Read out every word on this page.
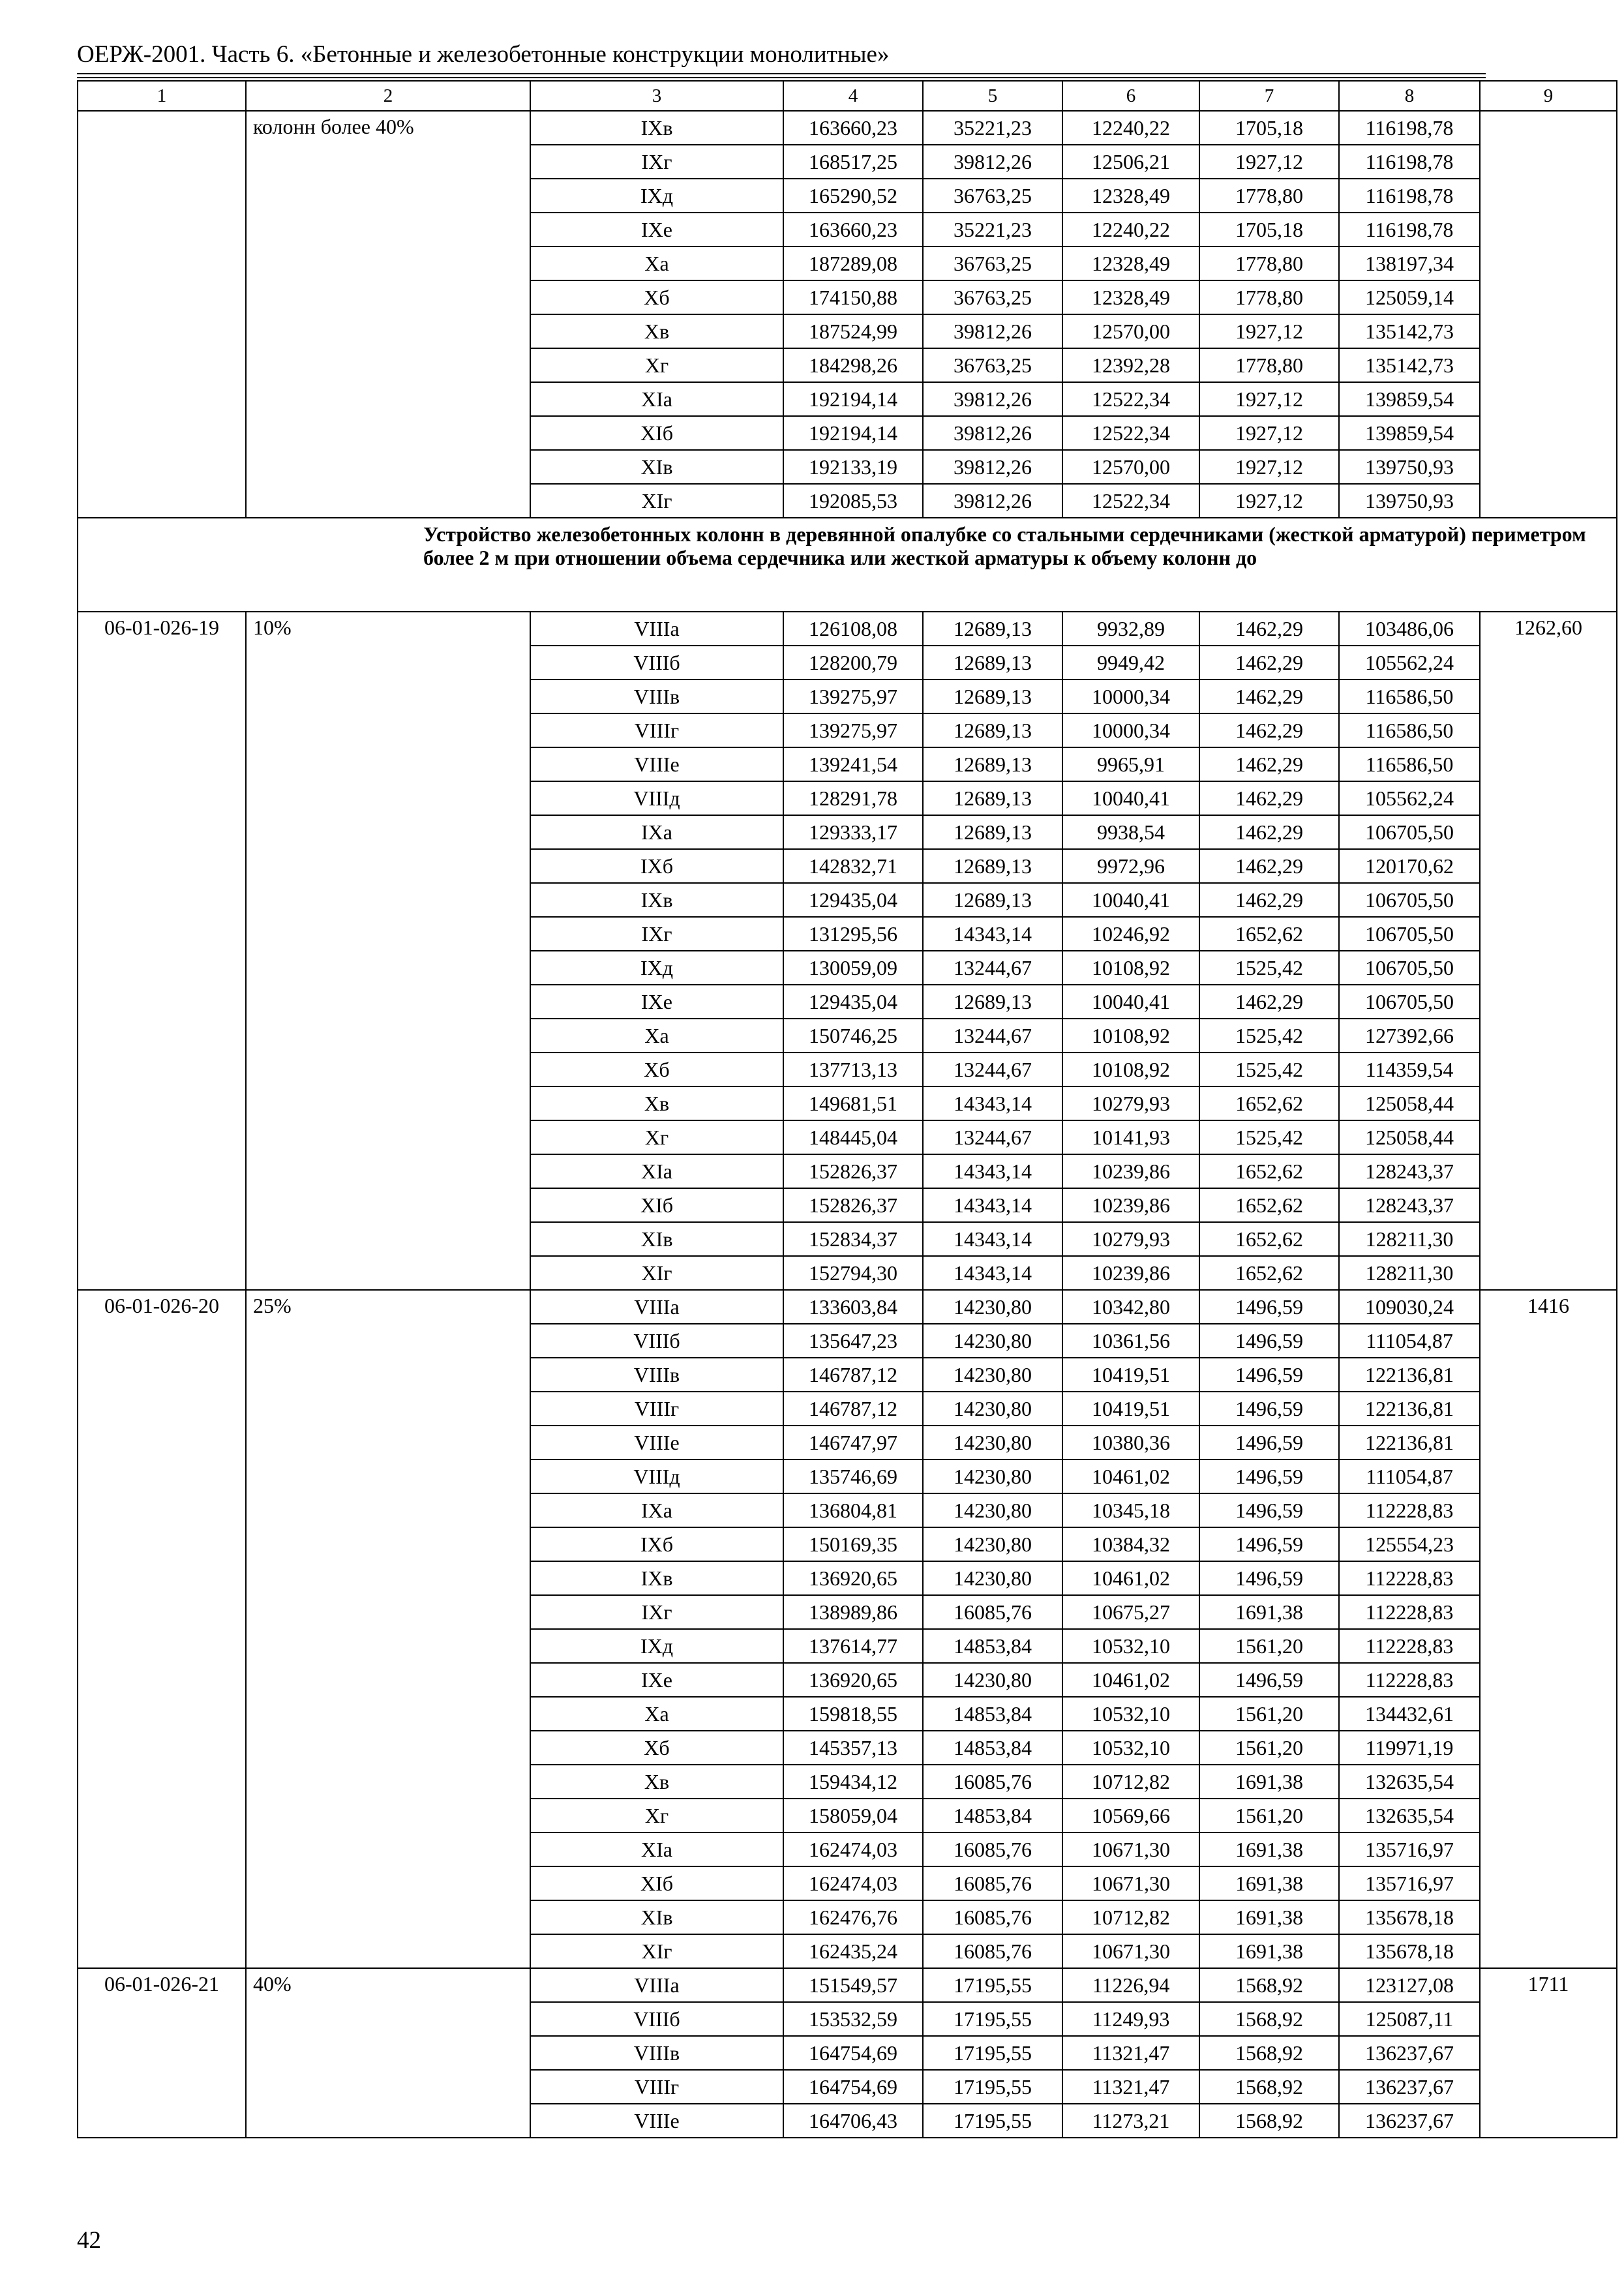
ОЕРЖ-2001. Часть 6. «Бетонные и железобетонные конструкции монолитные»
1	2	3	4	5	6	7	8	9
	колонн более 40%	IXв	163660,23	35221,23	12240,22	1705,18	116198,78	
		IXг	168517,25	39812,26	12506,21	1927,12	116198,78	
		IXд	165290,52	36763,25	12328,49	1778,80	116198,78	
		IXе	163660,23	35221,23	12240,22	1705,18	116198,78	
		Xа	187289,08	36763,25	12328,49	1778,80	138197,34	
		Xб	174150,88	36763,25	12328,49	1778,80	125059,14	
		Xв	187524,99	39812,26	12570,00	1927,12	135142,73	
		Xг	184298,26	36763,25	12392,28	1778,80	135142,73	
		XIа	192194,14	39812,26	12522,34	1927,12	139859,54	
		XIб	192194,14	39812,26	12522,34	1927,12	139859,54	
		XIв	192133,19	39812,26	12570,00	1927,12	139750,93	
		XIг	192085,53	39812,26	12522,34	1927,12	139750,93	
	Устройство железобетонных колонн в деревянной опалубке со стальными сердечниками (жесткой арматурой) периметром более 2 м при отношении объема сердечника или жесткой арматуры к объему колонн до							
06-01-026-19	10%	VIIIа	126108,08	12689,13	9932,89	1462,29	103486,06	1262,60
		VIIIб	128200,79	12689,13	9949,42	1462,29	105562,24	
		VIIIв	139275,97	12689,13	10000,34	1462,29	116586,50	
		VIIIг	139275,97	12689,13	10000,34	1462,29	116586,50	
		VIIIе	139241,54	12689,13	9965,91	1462,29	116586,50	
		VIIIд	128291,78	12689,13	10040,41	1462,29	105562,24	
		IXа	129333,17	12689,13	9938,54	1462,29	106705,50	
		IXб	142832,71	12689,13	9972,96	1462,29	120170,62	
		IXв	129435,04	12689,13	10040,41	1462,29	106705,50	
		IXг	131295,56	14343,14	10246,92	1652,62	106705,50	
		IXд	130059,09	13244,67	10108,92	1525,42	106705,50	
		IXе	129435,04	12689,13	10040,41	1462,29	106705,50	
		Xа	150746,25	13244,67	10108,92	1525,42	127392,66	
		Xб	137713,13	13244,67	10108,92	1525,42	114359,54	
		Xв	149681,51	14343,14	10279,93	1652,62	125058,44	
		Xг	148445,04	13244,67	10141,93	1525,42	125058,44	
		XIа	152826,37	14343,14	10239,86	1652,62	128243,37	
		XIб	152826,37	14343,14	10239,86	1652,62	128243,37	
		XIв	152834,37	14343,14	10279,93	1652,62	128211,30	
		XIг	152794,30	14343,14	10239,86	1652,62	128211,30	
06-01-026-20	25%	VIIIа	133603,84	14230,80	10342,80	1496,59	109030,24	1416
		VIIIб	135647,23	14230,80	10361,56	1496,59	111054,87	
		VIIIв	146787,12	14230,80	10419,51	1496,59	122136,81	
		VIIIг	146787,12	14230,80	10419,51	1496,59	122136,81	
		VIIIе	146747,97	14230,80	10380,36	1496,59	122136,81	
		VIIIд	135746,69	14230,80	10461,02	1496,59	111054,87	
		IXа	136804,81	14230,80	10345,18	1496,59	112228,83	
		IXб	150169,35	14230,80	10384,32	1496,59	125554,23	
		IXв	136920,65	14230,80	10461,02	1496,59	112228,83	
		IXг	138989,86	16085,76	10675,27	1691,38	112228,83	
		IXд	137614,77	14853,84	10532,10	1561,20	112228,83	
		IXе	136920,65	14230,80	10461,02	1496,59	112228,83	
		Xа	159818,55	14853,84	10532,10	1561,20	134432,61	
		Xб	145357,13	14853,84	10532,10	1561,20	119971,19	
		Xв	159434,12	16085,76	10712,82	1691,38	132635,54	
		Xг	158059,04	14853,84	10569,66	1561,20	132635,54	
		XIа	162474,03	16085,76	10671,30	1691,38	135716,97	
		XIб	162474,03	16085,76	10671,30	1691,38	135716,97	
		XIв	162476,76	16085,76	10712,82	1691,38	135678,18	
		XIг	162435,24	16085,76	10671,30	1691,38	135678,18	
06-01-026-21	40%	VIIIа	151549,57	17195,55	11226,94	1568,92	123127,08	1711
		VIIIб	153532,59	17195,55	11249,93	1568,92	125087,11	
		VIIIв	164754,69	17195,55	11321,47	1568,92	136237,67	
		VIIIг	164754,69	17195,55	11321,47	1568,92	136237,67	
		VIIIе	164706,43	17195,55	11273,21	1568,92	136237,67	
42
